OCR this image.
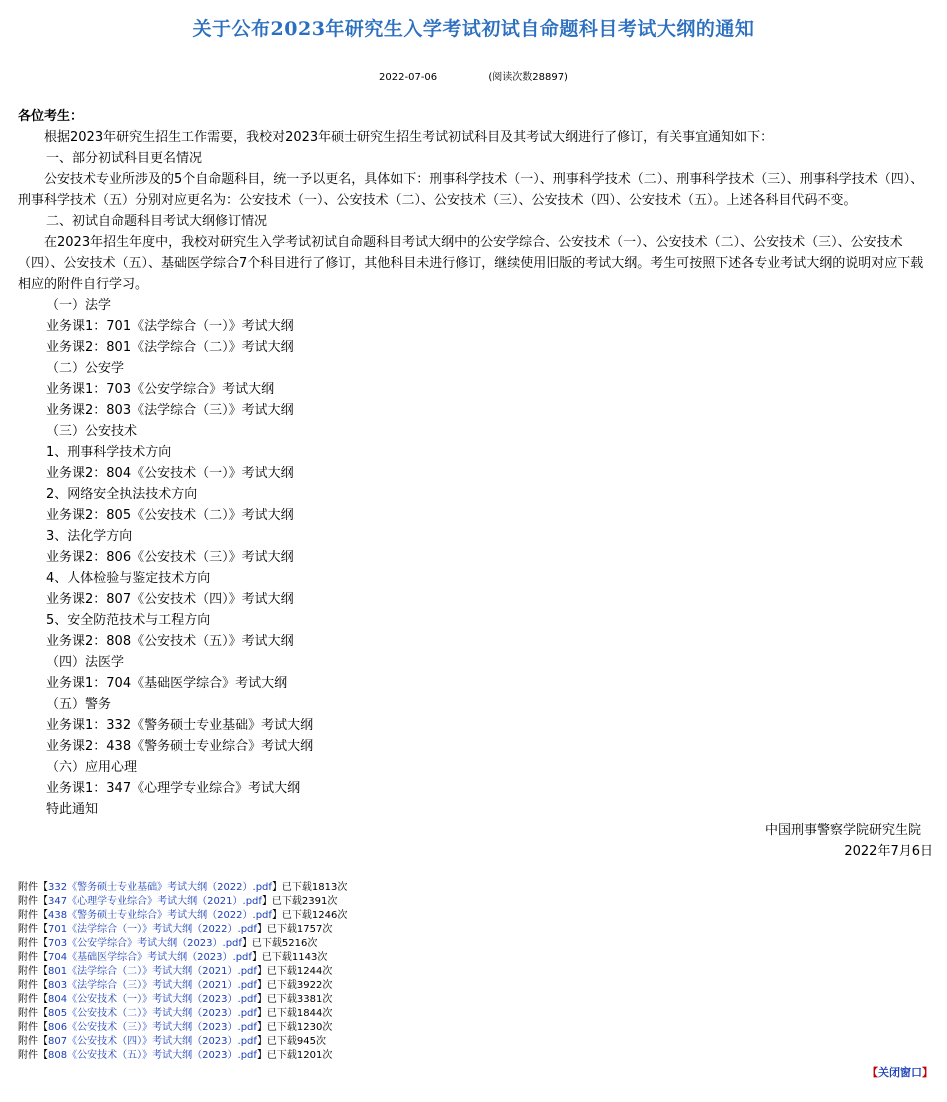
关于公布2023年研究生入学考试初试自命题科目考试大纲的通知
2022-07-06	(阅读次数28897)
各位考生：
根据2023年研究生招生工作需要，我校对2023年硕士研究生招生考试初试科目及其考试大纲进行了修订，有关事宜通知如下：
一、部分初试科目更名情况
公安技术专业所涉及的5个自命题科目，统一予以更名，具体如下：刑事科学技术（一）、刑事科学技术（二）、刑事科学技术（三）、刑事科学技术（四）、刑事科学技术（五）分别对应更名为：公安技术（一）、公安技术（二）、公安技术（三）、公安技术（四）、公安技术（五）。上述各科目代码不变。
二、初试自命题科目考试大纲修订情况
在2023年招生年度中，我校对研究生入学考试初试自命题科目考试大纲中的公安学综合、公安技术（一）、公安技术（二）、公安技术（三）、公安技术（四）、公安技术（五）、基础医学综合7个科目进行了修订，其他科目未进行修订，继续使用旧版的考试大纲。考生可按照下述各专业考试大纲的说明对应下载相应的附件自行学习。
（一）法学
业务课1：701《法学综合（一）》考试大纲
业务课2：801《法学综合（二）》考试大纲
（二）公安学
业务课1：703《公安学综合》考试大纲
业务课2：803《法学综合（三）》考试大纲
（三）公安技术
1、刑事科学技术方向
业务课2：804《公安技术（一）》考试大纲
2、网络安全执法技术方向
业务课2：805《公安技术（二）》考试大纲
3、法化学方向
业务课2：806《公安技术（三）》考试大纲
4、人体检验与鉴定技术方向
业务课2：807《公安技术（四）》考试大纲
5、安全防范技术与工程方向
业务课2：808《公安技术（五）》考试大纲
（四）法医学
业务课1：704《基础医学综合》考试大纲
（五）警务
业务课1：332《警务硕士专业基础》考试大纲
业务课2：438《警务硕士专业综合》考试大纲
（六）应用心理
业务课1：347《心理学专业综合》考试大纲
特此通知
中国刑事警察学院研究生院
2022年7月6日
附件【332《警务硕士专业基础》考试大纲（2022）.pdf】已下载1813次
附件【347《心理学专业综合》考试大纲（2021）.pdf】已下载2391次
附件【438《警务硕士专业综合》考试大纲（2022）.pdf】已下载1246次
附件【701《法学综合（一）》考试大纲（2022）.pdf】已下载1757次
附件【703《公安学综合》考试大纲（2023）.pdf】已下载5216次
附件【704《基础医学综合》考试大纲（2023）.pdf】已下载1143次
附件【801《法学综合（二）》考试大纲（2021）.pdf】已下载1244次
附件【803《法学综合（三）》考试大纲（2021）.pdf】已下载3922次
附件【804《公安技术（一）》考试大纲（2023）.pdf】已下载3381次
附件【805《公安技术（二）》考试大纲（2023）.pdf】已下载1844次
附件【806《公安技术（三）》考试大纲（2023）.pdf】已下载1230次
附件【807《公安技术（四）》考试大纲（2023）.pdf】已下载945次
附件【808《公安技术（五）》考试大纲（2023）.pdf】已下载1201次
【关闭窗口】
